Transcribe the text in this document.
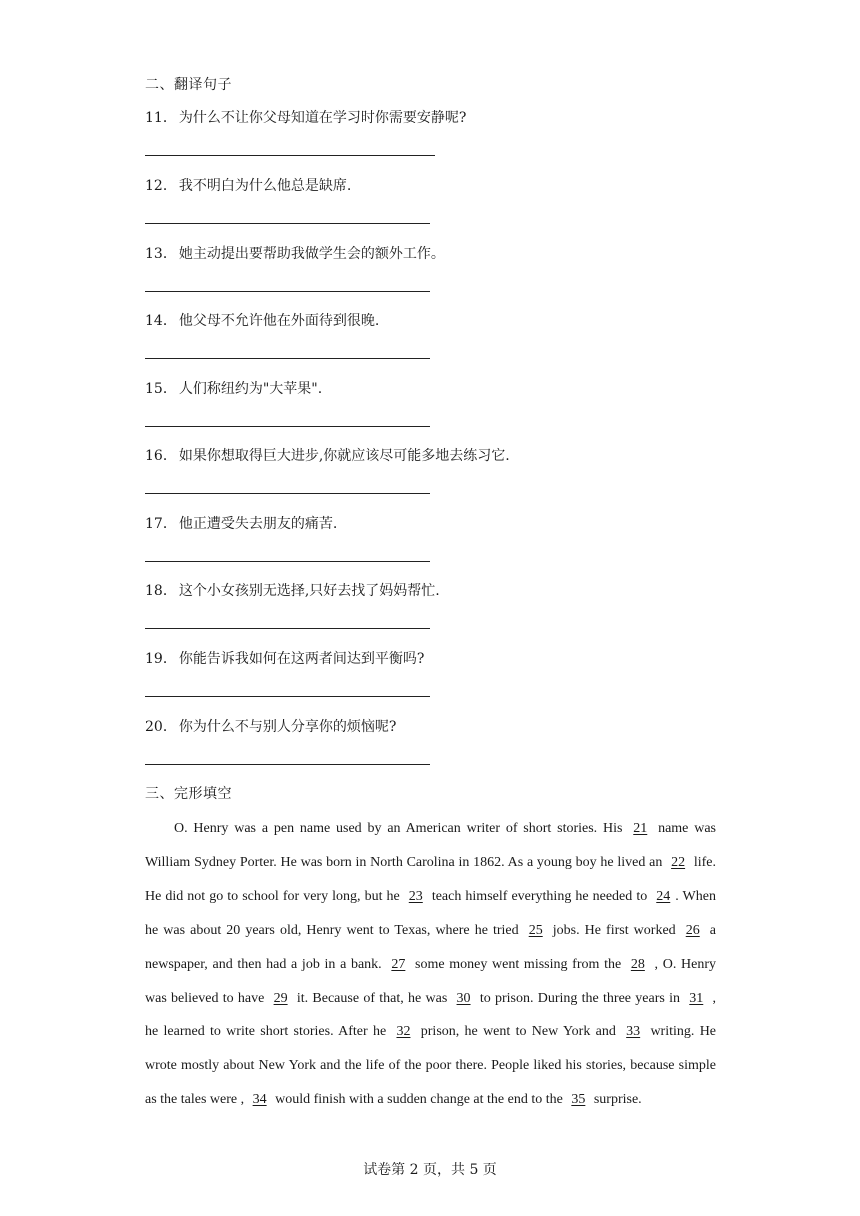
二、翻译句子
11． 为什么不让你父母知道在学习时你需要安静呢?
12． 我不明白为什么他总是缺席.
13． 她主动提出要帮助我做学生会的额外工作。
14． 他父母不允许他在外面待到很晚.
15． 人们称纽约为"大苹果".
16． 如果你想取得巨大进步,你就应该尽可能多地去练习它.
17． 他正遭受失去朋友的痛苦.
18． 这个小女孩别无选择,只好去找了妈妈帮忙.
19． 你能告诉我如何在这两者间达到平衡吗?
20． 你为什么不与别人分享你的烦恼呢?
三、完形填空
O. Henry was a pen name used by an American writer of short stories. His 21 name was William Sydney Porter. He was born in North Carolina in 1862. As a young boy he lived an 22 life. He did not go to school for very long, but he 23 teach himself everything he needed to 24 . When he was about 20 years old, Henry went to Texas, where he tried 25 jobs. He first worked 26 a newspaper, and then had a job in a bank. 27 some money went missing from the 28 , O. Henry was believed to have 29 it. Because of that, he was 30 to prison. During the three years in 31 , he learned to write short stories. After he 32 prison, he went to New York and 33 writing. He wrote mostly about New York and the life of the poor there. People liked his stories, because simple as the tales were , 34 would finish with a sudden change at the end to the 35 surprise.
试卷第 2 页，共 5 页
